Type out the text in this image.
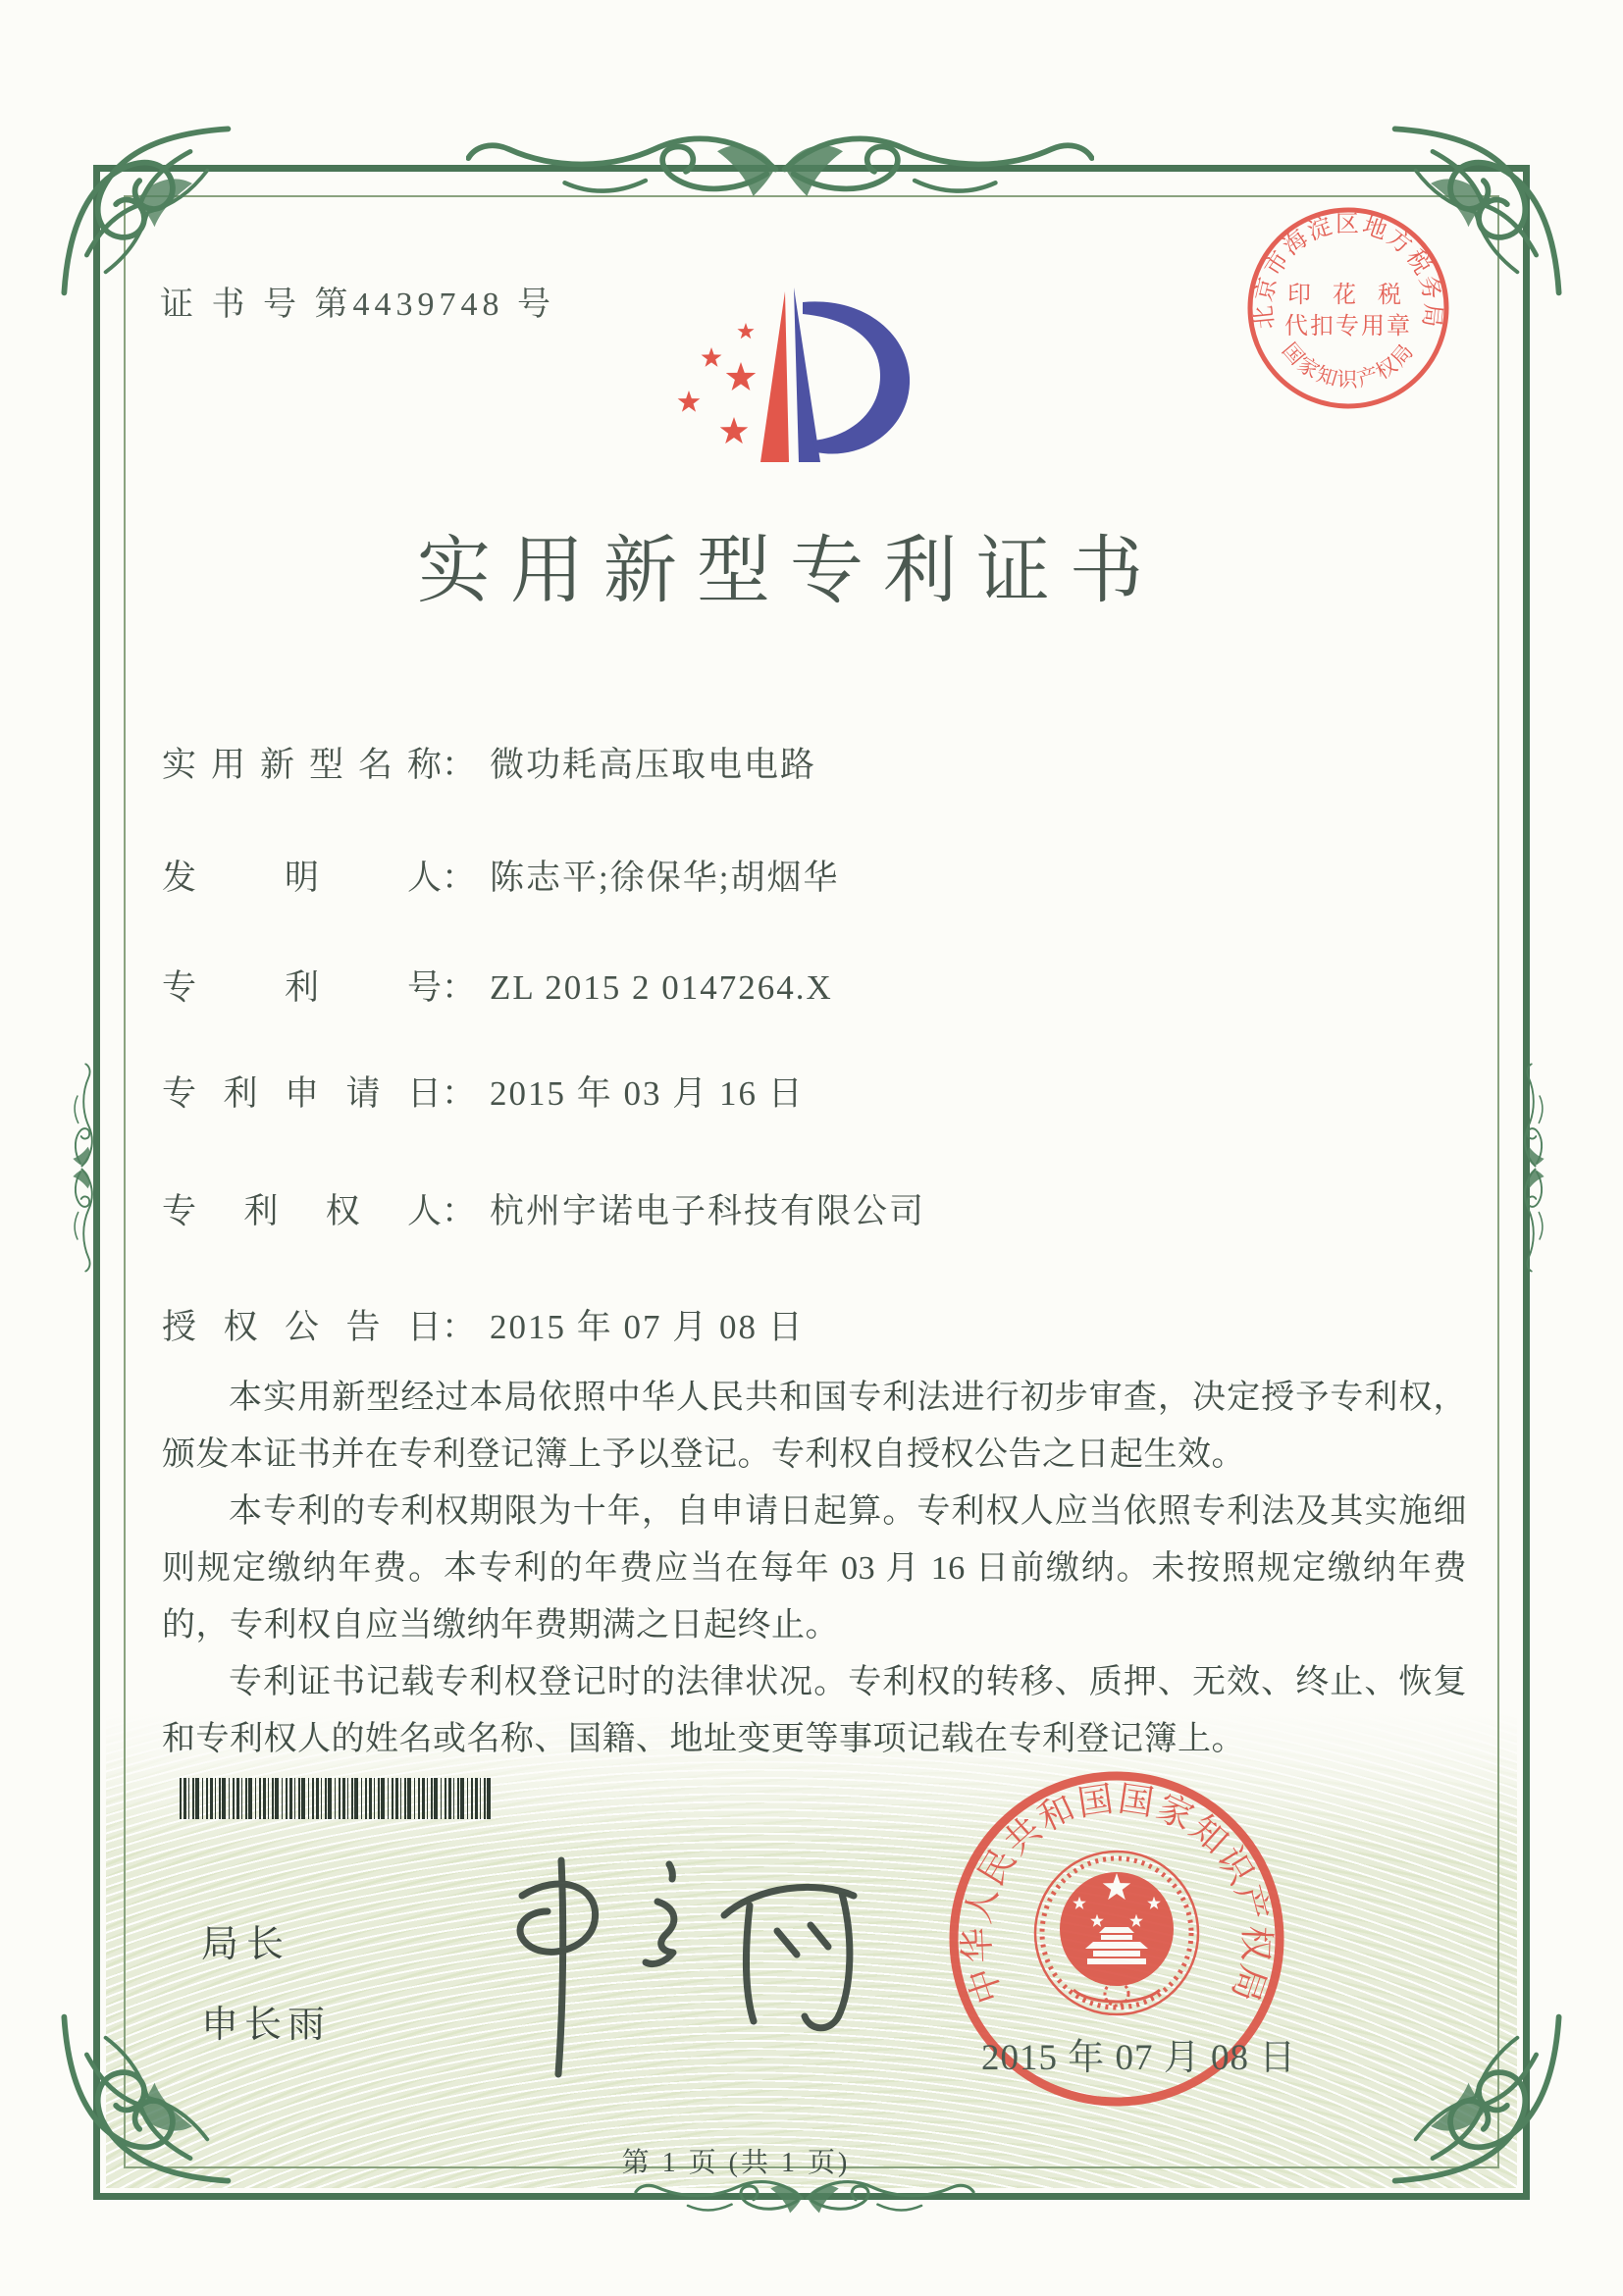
证 书 号 第4439748 号	北京市海淀区地方税务局
印 花 税
代扣专用章
国家知识产权局
实用新型专利证书
实用新型名称： 微功耗高压取电电路
发明人： 陈志平;徐保华;胡烟华
专利号： ZL 2015 2 0147264.X
专利申请日： 2015 年 03 月 16 日
专利权人： 杭州宇诺电子科技有限公司
授权公告日： 2015 年 07 月 08 日

本实用新型经过本局依照中华人民共和国专利法进行初步审查，决定授予专利权，颁发本证书并在专利登记簿上予以登记。专利权自授权公告之日起生效。

本专利的专利权期限为十年，自申请日起算。专利权人应当依照专利法及其实施细则规定缴纳年费。本专利的年费应当在每年 03 月 16 日前缴纳。未按照规定缴纳年费的，专利权自应当缴纳年费期满之日起终止。

专利证书记载专利权登记时的法律状况。专利权的转移、质押、无效、终止、恢复和专利权人的姓名或名称、国籍、地址变更等事项记载在专利登记簿上。

局长
申长雨
中华人民共和国国家知识产权局
2015 年 07 月 08 日
第 1 页 (共 1 页)
